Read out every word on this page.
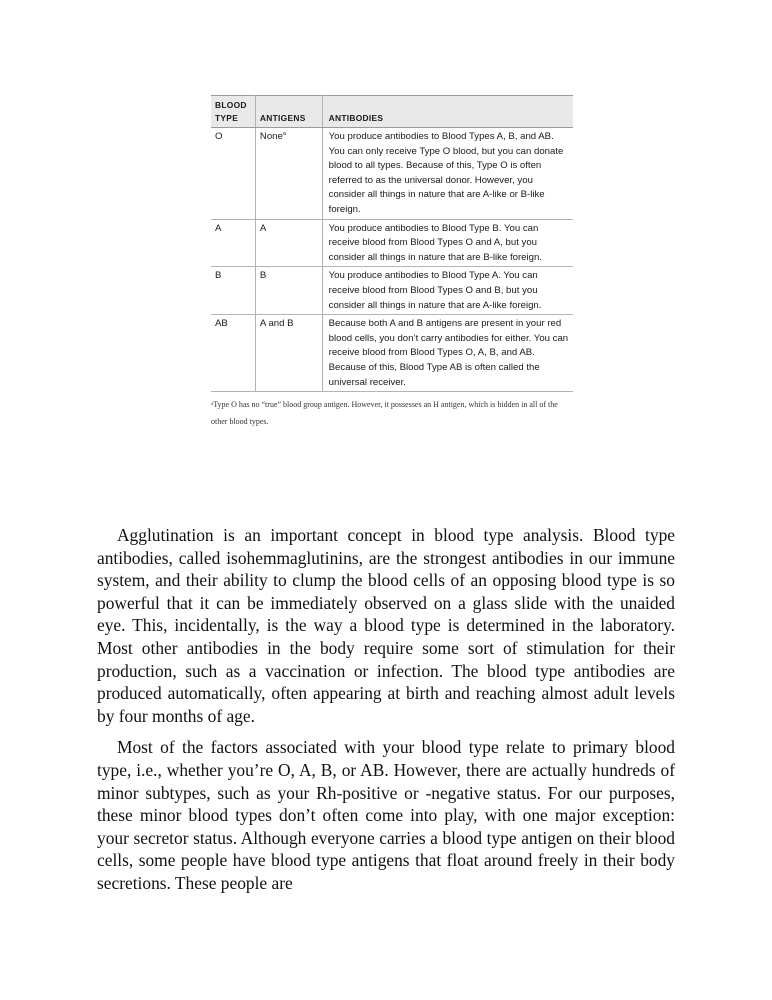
BLOOD TYPE	ANTIGENS	ANTIBODIES
O	None$^a$	You produce antibodies to Blood Types A, B, and AB. You can only receive Type O blood, but you can donate blood to all types. Because of this, Type O is often referred to as the universal donor. However, you consider all things in nature that are A-like or B-like foreign.
A	A	You produce antibodies to Blood Type B. You can receive blood from Blood Types O and A, but you consider all things in nature that are B-like foreign.
B	B	You produce antibodies to Blood Type A. You can receive blood from Blood Types O and B, but you consider all things in nature that are A-like foreign.
AB	A and B	Because both A and B antigens are present in your red blood cells, you don’t carry antibodies for either. You can receive blood from Blood Types O, A, B, and AB. Because of this, Blood Type AB is often called the universal receiver.
ᵃType O has no “true” blood group antigen. However, it possesses an H antigen, which is hidden in all of the other blood types.

Agglutination is an important concept in blood type analysis. Blood type antibodies, called isohemmaglutinins, are the strongest antibodies in our immune system, and their ability to clump the blood cells of an opposing blood type is so powerful that it can be immediately observed on a glass slide with the unaided eye. This, incidentally, is the way a blood type is determined in the laboratory. Most other antibodies in the body require some sort of stimulation for their production, such as a vaccination or infection. The blood type antibodies are produced automatically, often appearing at birth and reaching almost adult levels by four months of age.

Most of the factors associated with your blood type relate to primary blood type, i.e., whether you’re O, A, B, or AB. However, there are actually hundreds of minor subtypes, such as your Rh-positive or -negative status. For our purposes, these minor blood types don’t often come into play, with one major exception: your secretor status. Although everyone carries a blood type antigen on their blood cells, some people have blood type antigens that float around freely in their body secretions. These people are
